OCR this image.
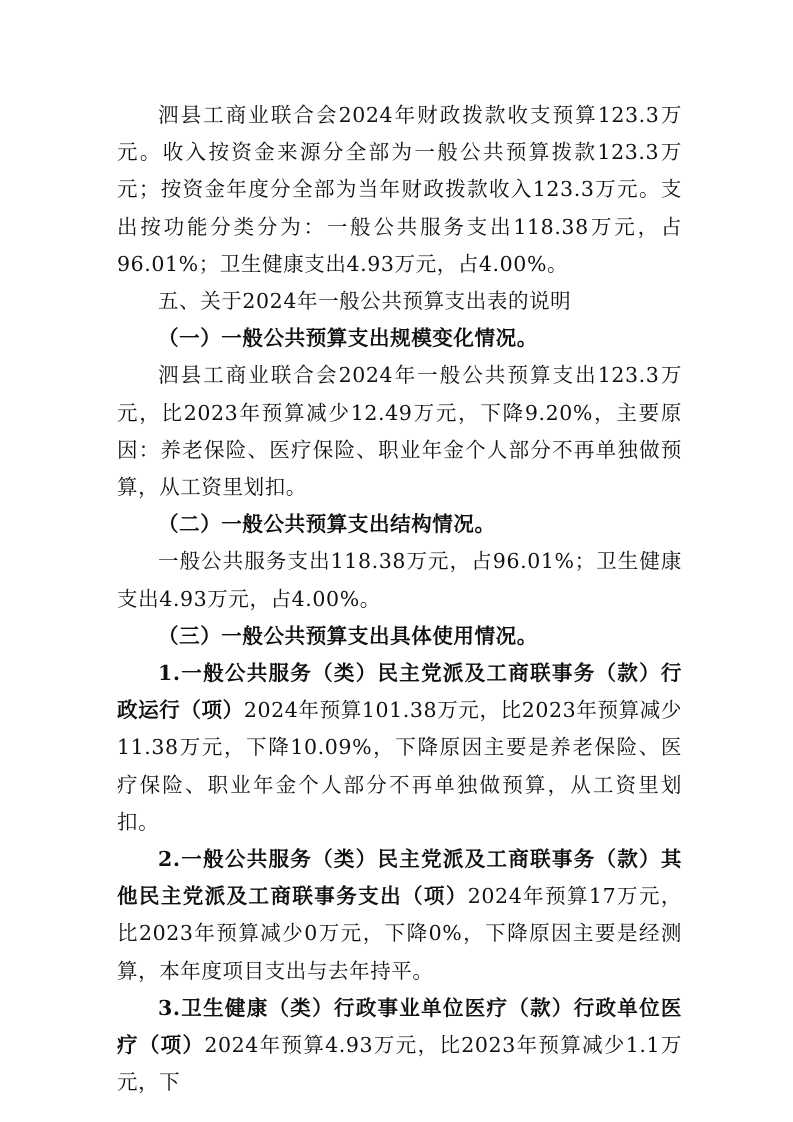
泗县工商业联合会2024年财政拨款收支预算123.3万元。收入按资金来源分全部为一般公共预算拨款123.3万元；按资金年度分全部为当年财政拨款收入123.3万元。支出按功能分类分为：一般公共服务支出118.38万元，占96.01%；卫生健康支出4.93万元，占4.00%。

五、关于2024年一般公共预算支出表的说明

（一）一般公共预算支出规模变化情况。

泗县工商业联合会2024年一般公共预算支出123.3万元，比2023年预算减少12.49万元，下降9.20%，主要原因：养老保险、医疗保险、职业年金个人部分不再单独做预算，从工资里划扣。

（二）一般公共预算支出结构情况。

一般公共服务支出118.38万元，占96.01%；卫生健康支出4.93万元，占4.00%。

（三）一般公共预算支出具体使用情况。

1.一般公共服务（类）民主党派及工商联事务（款）行政运行（项）2024年预算101.38万元，比2023年预算减少11.38万元，下降10.09%，下降原因主要是养老保险、医疗保险、职业年金个人部分不再单独做预算，从工资里划扣。

2.一般公共服务（类）民主党派及工商联事务（款）其他民主党派及工商联事务支出（项）2024年预算17万元，比2023年预算减少0万元，下降0%，下降原因主要是经测算，本年度项目支出与去年持平。

3.卫生健康（类）行政事业单位医疗（款）行政单位医疗（项）2024年预算4.93万元，比2023年预算减少1.1万元，下
